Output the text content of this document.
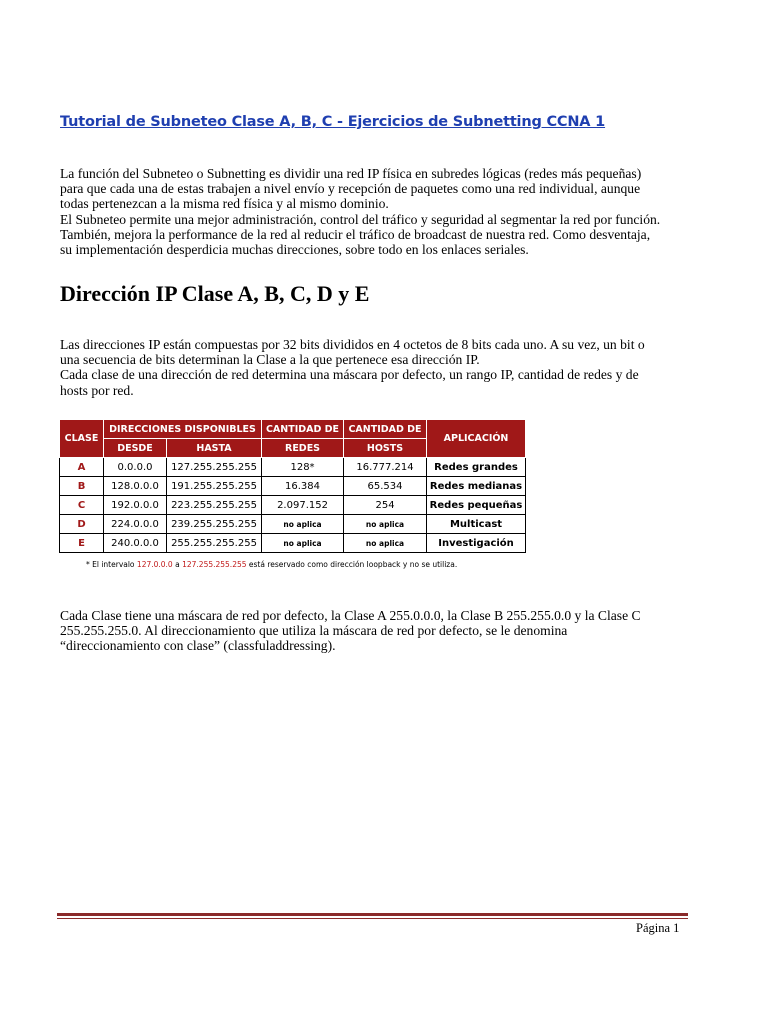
Tutorial de Subneteo Clase A, B, C - Ejercicios de Subnetting CCNA 1
La función del Subneteo o Subnetting es dividir una red IP física en subredes lógicas (redes más pequeñas)
para que cada una de estas trabajen a nivel envío y recepción de paquetes como una red individual, aunque
todas pertenezcan a la misma red física y al mismo dominio.
El Subneteo permite una mejor administración, control del tráfico y seguridad al segmentar la red por función.
También, mejora la performance de la red al reducir el tráfico de broadcast de nuestra red. Como desventaja,
su implementación desperdicia muchas direcciones, sobre todo en los enlaces seriales.
Dirección IP Clase A, B, C, D y E
Las direcciones IP están compuestas por 32 bits divididos en 4 octetos de 8 bits cada uno. A su vez, un bit o
una secuencia de bits determinan la Clase a la que pertenece esa dirección IP.
Cada clase de una dirección de red determina una máscara por defecto, un rango IP, cantidad de redes y de
hosts por red.
CLASE	DIRECCIONES DISPONIBLES		CANTIDAD DE	CANTIDAD DE	APLICACIÓN
	DESDE	HASTA	REDES	HOSTS	
A	0.0.0.0	127.255.255.255	128*	16.777.214	Redes grandes
B	128.0.0.0	191.255.255.255	16.384	65.534	Redes medianas
C	192.0.0.0	223.255.255.255	2.097.152	254	Redes pequeñas
D	224.0.0.0	239.255.255.255	no aplica	no aplica	Multicast
E	240.0.0.0	255.255.255.255	no aplica	no aplica	Investigación
* El intervalo 127.0.0.0 a 127.255.255.255 está reservado como dirección loopback y no se utiliza.
Cada Clase tiene una máscara de red por defecto, la Clase A 255.0.0.0, la Clase B 255.255.0.0 y la Clase C
255.255.255.0. Al direccionamiento que utiliza la máscara de red por defecto, se le denomina
“direccionamiento con clase” (classfuladdressing).
Página 1
